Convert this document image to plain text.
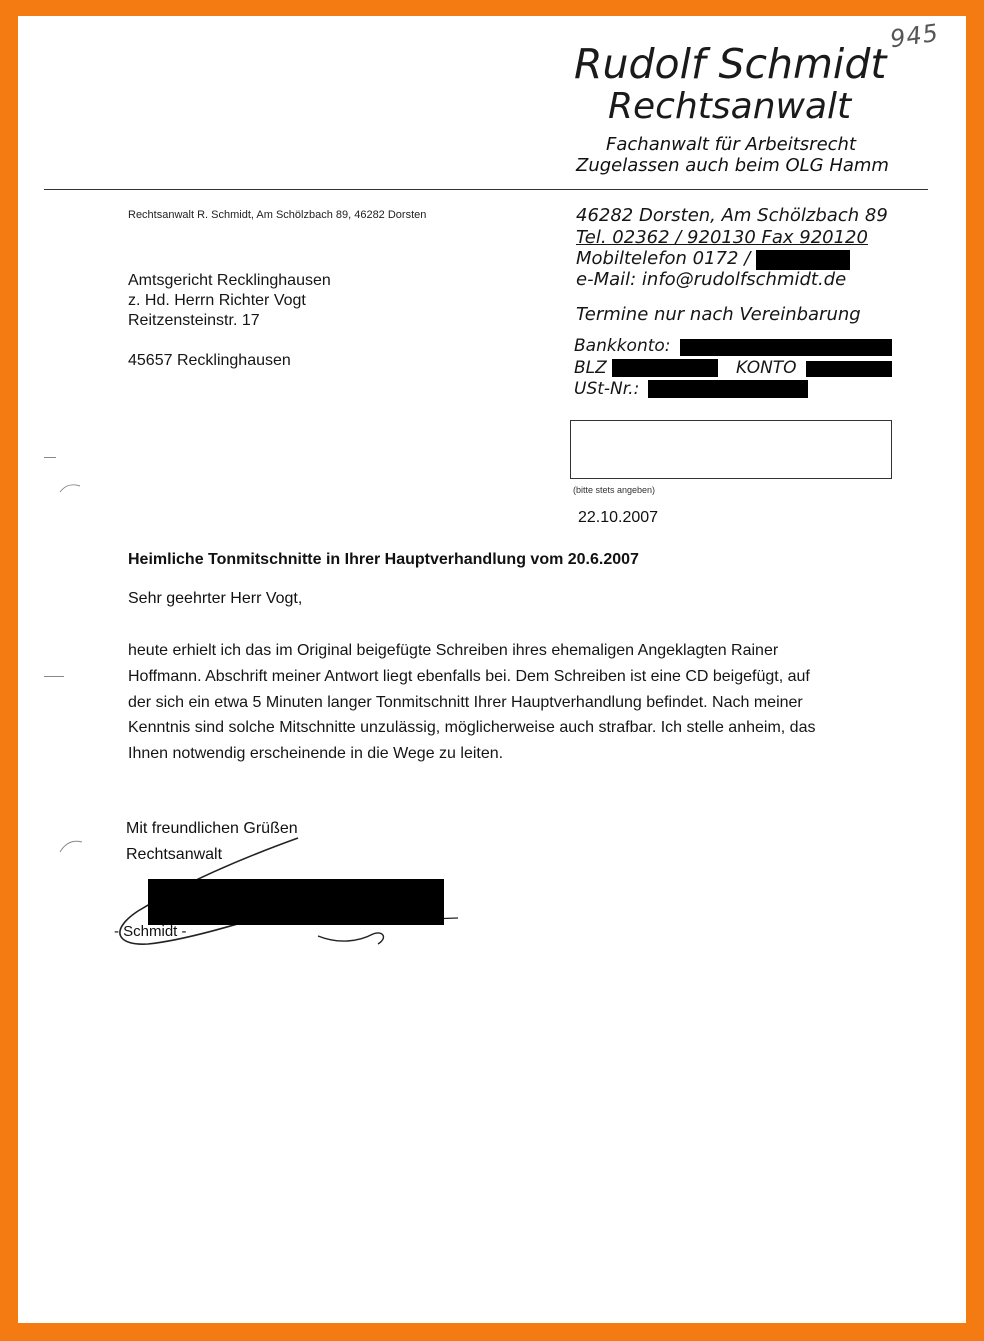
945
Rudolf Schmidt
Rechtsanwalt
Fachanwalt für Arbeitsrecht
Zugelassen auch beim OLG Hamm
Rechtsanwalt R. Schmidt, Am Schölzbach 89, 46282 Dorsten	46282 Dorsten, Am Schölzbach 89
Tel. 02362 / 920130 Fax 920120
Mobiltelefon 0172 /
e-Mail: info@rudolfschmidt.de
Termine nur nach Vereinbarung
Bankkonto:
BLZ	KONTO
USt-Nr.:
Amtsgericht Recklinghausen
z. Hd. Herrn Richter Vogt
Reitzensteinstr. 17
45657 Recklinghausen
(bitte stets angeben)
22.10.2007
Heimliche Tonmitschnitte in Ihrer Hauptverhandlung vom 20.6.2007
Sehr geehrter Herr Vogt,
heute erhielt ich das im Original beigefügte Schreiben ihres ehemaligen Angeklagten Rainer
Hoffmann. Abschrift meiner Antwort liegt ebenfalls bei. Dem Schreiben ist eine CD beigefügt, auf
der sich ein etwa 5 Minuten langer Tonmitschnitt Ihrer Hauptverhandlung befindet. Nach meiner
Kenntnis sind solche Mitschnitte unzulässig, möglicherweise auch strafbar. Ich stelle anheim, das
Ihnen notwendig erscheinende in die Wege zu leiten.
Mit freundlichen Grüßen
Rechtsanwalt
- Schmidt -
